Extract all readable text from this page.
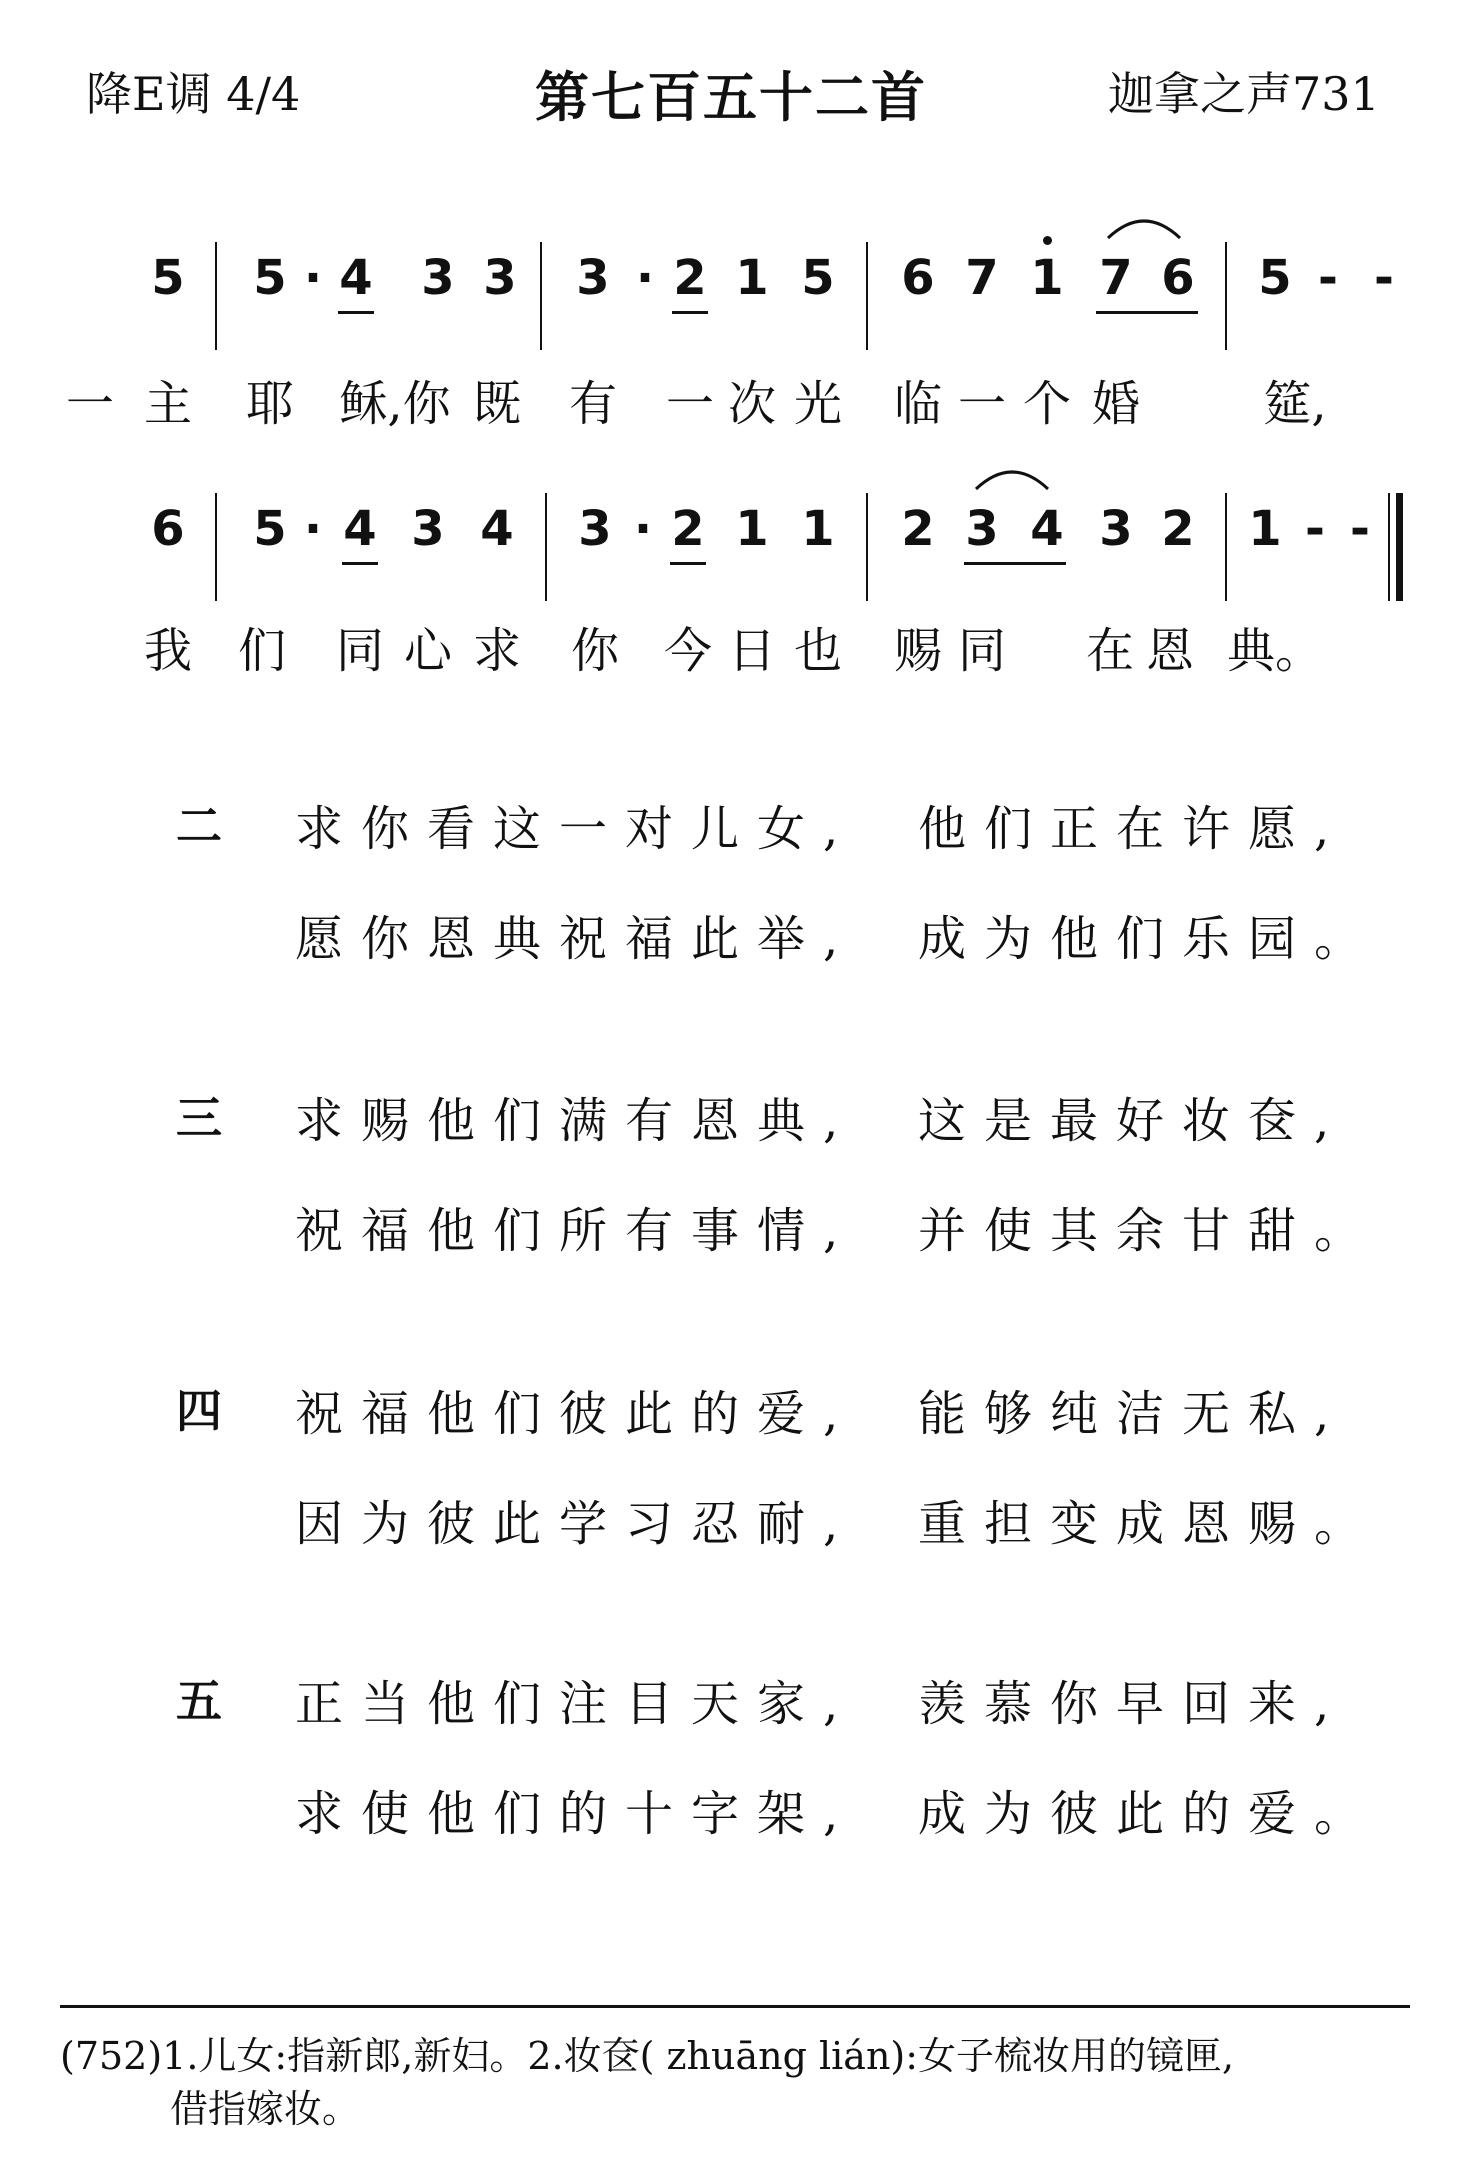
降E调 4/4	第七百五十二首	迦拿之声731
5 5 · 4 3 3 3 · 2 1 5 6 7 1 7 6 5 - -
一 主 耶 稣,你 既 有 一 次 光 临 一 个 婚	筵,
6 5 · 4 3 4 3 · 2 1 1 2 3 4 3 2 1 - -
我 们 同 心 求 你 今 日 也 赐 同 在 恩 典。
二 求你看这一对儿女, 他们正在许愿,
愿你恩典祝福此举, 成为他们乐园。
三 求赐他们满有恩典, 这是最好妆奁,
祝福他们所有事情, 并使其余甘甜。
四 祝福他们彼此的爱, 能够纯洁无私,
因为彼此学习忍耐, 重担变成恩赐。
五 正当他们注目天家, 羡慕你早回来,
求使他们的十字架, 成为彼此的爱。
(752)1.儿女:指新郎,新妇。2.妆奁( zhuāng lián):女子梳妆用的镜匣,
借指嫁妆。
